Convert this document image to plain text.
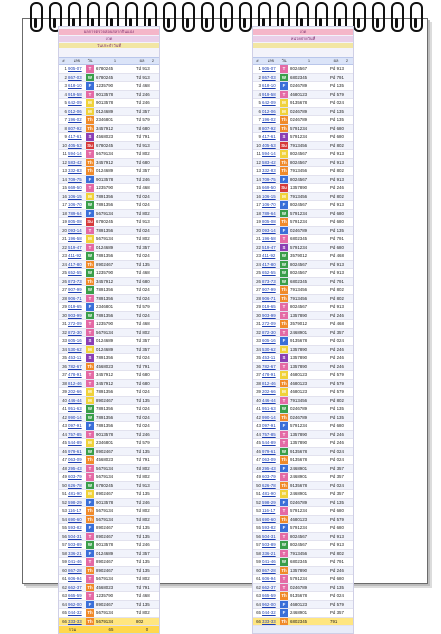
ผลการตรวจสอบสลากกินแบ่ง
งวด
วันประจำวันที่
#	เลข	วัน	1	ผล	2
1 905-07	T	6780245	Td 913
2 867-03	W 6780245	Td 913
3 618-10	F	1235790	Td 468
4 919-58	T	9013578	Td 246
5 642-09	M 9013578	Td 246
6 012-06	M 0124689	Td 357
7 196-02	Th 2346801	Td 579
8 807-92	Th 3457912	Td 680
9 417-61	S	4568023	Td 791
10 405-53	Su 6780245	Td 913
11 594-14	T	5679134	Td 802
12 583-42	Th 3457912	Td 680
13 332-83	Th 0124689	Td 357
14 709-75	F	9013578	Td 246
15 669-50	T	1235790	Td 468
16 106-15	M 7891356	Td 024
17 106-70	W 7891356	Td 024
18 789-64	F	5679134	Td 802
19 805-08	Su 6780245	Td 913
20 093-14	T	7891356	Td 024
21 196-58	M 5679134	Td 802
22 519-47	T	0124689	Td 357
23 411-92	W 7891356	Td 024
24 417-80	Th 8902467	Td 135
25 652-55	W 1235790	Td 468
26 873-73	Th 3457912	Td 680
27 907-99	W 7891356	Td 024
28 906-71	T	7891356	Td 024
29 019-65	F	2346801	Td 579
30 903-99	W 7891356	Td 024
31 272-09	T	1235790	Td 468
32 872-30	T	5679134	Td 802
33 605-16	S	0124689	Td 357
34 530-62	M 0124689	Td 357
35 453-11	S	7891356	Td 024
36 782-67	Th 4568023	Td 791
37 478-91	T	3457912	Td 680
38 812-46	T	3457912	Td 680
39 202-66	M 7891356	Td 024
40 446-44	M 8902467	Td 135
41 951-63	W 7891356	Td 024
42 990-14	W 7891356	Td 024
43 097-91	F	7891356	Td 024
44 757-85	T	9013578	Td 246
45 544-89	M 2346801	Td 579
46 979-61	W 8902467	Td 135
47 063-09	Th 4568023	Td 791
48 295-43	T	5679134	Td 802
49 603-79	T	5679134	Td 802
50 626-78	W 6780245	Td 913
51 481-90	M 8902467	Td 135
52 598-29	F	9013578	Td 246
53 116-17	Th 5679134	Td 802
54 690-60	Th 5679134	Td 802
55 593-82	F	8902467	Td 135
56 504-31	T	8902467	Td 135
57 503-89	W 9013578	Td 246
58 336-21	F	0124689	Td 357
59 041-46	T	8902467	Td 135
60 867-28	Th 8902467	Td 135
61 606-94	T	5679134	Td 802
62 662-37	Th 4568023	Td 791
63 665-59	T	1235790	Td 468
64 962-00	F	8902467	Td 135
65 044-32	Th 5679134	Td 802
66 333-33	Th 5679134	802
รวม	65	0
งวด
หน่วยจ่ายวันที่
#	เลข	วัน	1	ผล	2
1 905-07	T	8024567	Pd 913
2 867-03	W 6802345	Pd 791
3 618-10	F	0246789	Pd 135
4 919-58	T	4680123	Pd 579
5 642-09	M 9135678	Pd 024
6 012-06	M 0246789	Pd 135
7 196-02	Th 0246789	Pd 135
8 807-92	Th 5791234	Pd 680
9 417-61	S	5791234	Pd 680
10 405-53	Su 7913456	Pd 802
11 594-14	M 8024567	Pd 913
12 583-42	Th 8024567	Pd 913
13 332-83	Th 7913456	Pd 802
14 709-75	F	8024567	Pd 913
15 669-50	Su 1357890	Pd 246
16 106-15	M 7913456	Pd 802
17 106-70	F	8024567	Pd 913
18 789-64	W 5791234	Pd 680
19 805-08	Th 5791234	Pd 680
20 093-14	F	0246789	Pd 135
21 196-58	T	6802345	Pd 791
22 519-47	S	5791234	Pd 680
23 411-92	W 3579012	Pd 468
24 417-80	W 8024567	Pd 913
25 652-55	W 8024567	Pd 913
26 873-73	W 6802345	Pd 791
27 907-99	Th 7913456	Pd 802
28 906-71	Th 7913456	Pd 802
29 019-65	T	8024567	Pd 913
30 903-99	T	1357890	Pd 246
31 272-09	Th 3579012	Pd 468
32 872-30	T	2468901	Pd 357
33 605-16	F	9135678	Pd 024
34 530-62	M 1357890	Pd 246
35 453-11	S	1357890	Pd 246
36 782-67	T	1357890	Pd 246
37 478-91	M 4680123	Pd 579
38 812-46	Th 4680123	Pd 579
39 202-66	M 4680123	Pd 579
40 446-44	T	7913456	Pd 802
41 951-63	W 0246789	Pd 135
42 990-14	Th 0246789	Pd 135
43 097-91	F	5791234	Pd 680
44 757-85	T	1357890	Pd 246
45 544-89	T	1357890	Pd 246
46 979-61	W 9135678	Pd 024
47 063-09	Th 9135678	Pd 024
48 295-43	F	2468901	Pd 357
49 603-79	T	2468901	Pd 357
50 626-78	Th 9135678	Pd 024
51 481-90	M 2468901	Pd 357
52 598-29	F	0246789	Pd 135
53 116-17	T	5791234	Pd 680
54 690-60	Th 4680123	Pd 579
55 593-82	F	5791234	Pd 680
56 504-31	T	8024567	Pd 913
57 503-89	W 8024567	Pd 913
58 336-21	T	7913456	Pd 802
59 041-46	W 6802345	Pd 791
60 867-28	Th 1357890	Pd 246
61 606-94	T	5791234	Pd 680
62 662-37	T	0246789	Pd 135
63 665-59	Th 9135678	Pd 024
64 962-00	F	4680123	Pd 579
65 044-32	F	2468901	Pd 357
66 333-33	Th 6802345	791
